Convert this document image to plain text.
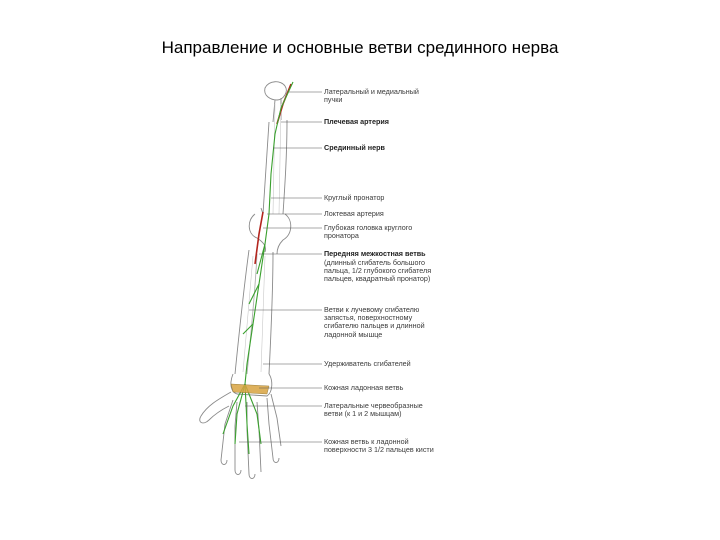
Направление и основные ветви срединного нерва
Латеральный и медиальный пучки
Плечевая артерия
Срединный нерв
Круглый пронатор
Локтевая артерия
Глубокая головка круглого пронатора
Передняя межкостная ветвь
(длинный сгибатель большого пальца, 1/2 глубокого сгибателя пальцев, квадратный пронатор)
Ветви к лучевому сгибателю запястья, поверхностному сгибателю пальцев и длинной ладонной мышце
Удерживатель сгибателей
Кожная ладонная ветвь
Латеральные червеобразные ветви (к 1 и 2 мышцам)
Кожная ветвь к ладонной поверхности 3 1/2 пальцев кисти
